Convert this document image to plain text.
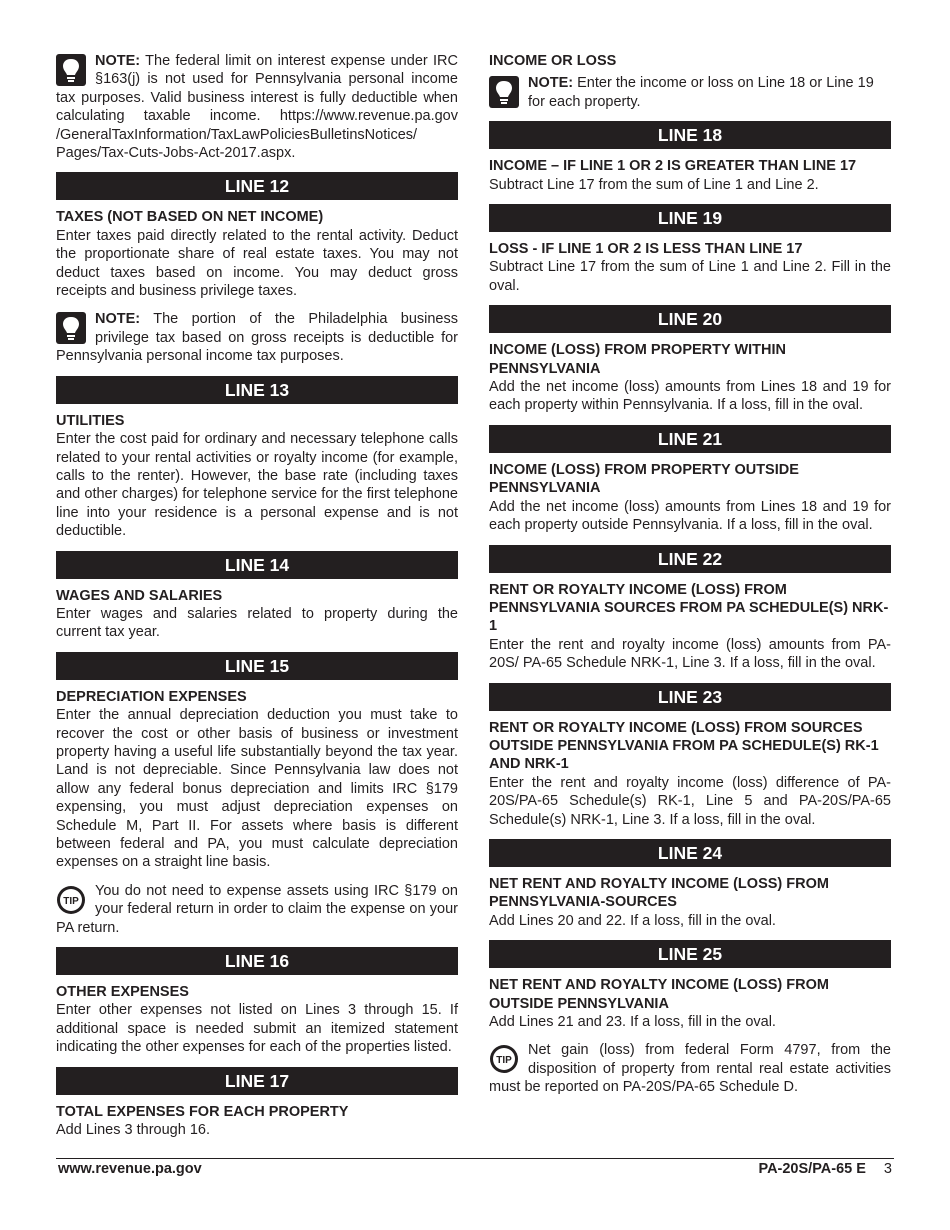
NOTE: The federal limit on interest expense under IRC §163(j) is not used for Pennsylvania personal income tax purposes. Valid business interest is fully deductible when calculating taxable income. https://www.revenue.pa.gov /GeneralTaxInformation/TaxLawPoliciesBulletinsNotices/ Pages/Tax-Cuts-Jobs-Act-2017.aspx.

LINE 12
TAXES (NOT BASED ON NET INCOME)

Enter taxes paid directly related to the rental activity. Deduct the proportionate share of real estate taxes. You may not deduct taxes based on income. You may deduct gross receipts and business privilege taxes.

NOTE: The portion of the Philadelphia business privilege tax based on gross receipts is deductible for Pennsylvania personal income tax purposes.

LINE 13
UTILITIES

Enter the cost paid for ordinary and necessary telephone calls related to your rental activities or royalty income (for example, calls to the renter). However, the base rate (including taxes and other charges) for telephone service for the first telephone line into your residence is a personal expense and is not deductible.

LINE 14
WAGES AND SALARIES

Enter wages and salaries related to property during the current tax year.

LINE 15
DEPRECIATION EXPENSES

Enter the annual depreciation deduction you must take to recover the cost or other basis of business or investment property having a useful life substantially beyond the tax year. Land is not depreciable. Since Pennsylvania law does not allow any federal bonus depreciation and limits IRC §179 expensing, you must adjust depreciation expenses on Schedule M, Part II. For assets where basis is different between federal and PA, you must calculate depreciation expenses on a straight line basis.

TIP

You do not need to expense assets using IRC §179 on your federal return in order to claim the expense on your PA return.

LINE 16
OTHER EXPENSES

Enter other expenses not listed on Lines 3 through 15. If additional space is needed submit an itemized statement indicating the other expenses for each of the properties listed.

LINE 17
TOTAL EXPENSES FOR EACH PROPERTY

Add Lines 3 through 16.

INCOME OR LOSS

NOTE: Enter the income or loss on Line 18 or Line 19 for each property.

LINE 18
INCOME – IF LINE 1 OR 2 IS GREATER THAN LINE 17

Subtract Line 17 from the sum of Line 1 and Line 2.

LINE 19
LOSS - IF LINE 1 OR 2 IS LESS THAN LINE 17

Subtract Line 17 from the sum of Line 1 and Line 2. Fill in the oval.

LINE 20
INCOME (LOSS) FROM PROPERTY WITHIN PENNSYLVANIA

Add the net income (loss) amounts from Lines 18 and 19 for each property within Pennsylvania. If a loss, fill in the oval.

LINE 21
INCOME (LOSS) FROM PROPERTY OUTSIDE PENNSYLVANIA

Add the net income (loss) amounts from Lines 18 and 19 for each property outside Pennsylvania. If a loss, fill in the oval.

LINE 22
RENT OR ROYALTY INCOME (LOSS) FROM PENNSYLVANIA SOURCES FROM PA SCHEDULE(S) NRK-1

Enter the rent and royalty income (loss) amounts from PA-20S/ PA-65 Schedule NRK-1, Line 3. If a loss, fill in the oval.

LINE 23
RENT OR ROYALTY INCOME (LOSS) FROM SOURCES OUTSIDE PENNSYLVANIA FROM PA SCHEDULE(S) RK-1 AND NRK-1

Enter the rent and royalty income (loss) difference of PA-20S/PA-65 Schedule(s) RK-1, Line 5 and PA-20S/PA-65 Schedule(s) NRK-1, Line 3. If a loss, fill in the oval.

LINE 24
NET RENT AND ROYALTY INCOME (LOSS) FROM PENNSYLVANIA-SOURCES

Add Lines 20 and 22. If a loss, fill in the oval.

LINE 25
NET RENT AND ROYALTY INCOME (LOSS) FROM OUTSIDE PENNSYLVANIA

Add Lines 21 and 23. If a loss, fill in the oval.

TIP

Net gain (loss) from federal Form 4797, from the disposition of property from rental real estate activities must be reported on PA-20S/PA-65 Schedule D.

www.revenue.pa.gov	PA-20S/PA-65 E 3
